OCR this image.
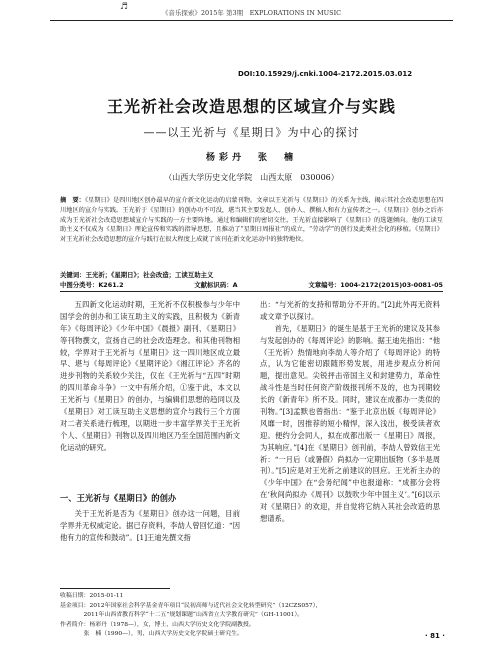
♬
《音乐探索》2015年 第3期　EXPLORATIONS IN MUSIC
DOI:10.15929/j.cnki.1004-2172.2015.03.012
王光祈社会改造思想的区域宣介与实践
——以王光祈与《星期日》为中心的探讨
杨彩丹　张　楠
（山西大学历史文化学院　山西太原　030006）
摘　要：《星期日》是四川地区创办最早的宣介新文化运动的启蒙刊物。文章以王光祈与《星期日》的关系为主线，揭示其社会改造思想在四川地区的宣介与实践。王光祈于《星期日》的创办功不可没，堪当其主要发起人、创办人、撰稿人和有力宣传者之一。《星期日》创办之后亦成为王光祈社会改造思想域宣介与实践的一方主要阵地。通过和编辑们的密切交往，王光祈直接影响了《星期日》的选题倾向。他的工读互助主义不仅成为《星期日》理论宣传和实践的指导思想，且推动了“星期日周报社”的成立，“劳动学”的创行及此类社会化的移植。《星期日》对王光祈社会改造思想的宣介与践行在很大程度上成就了该刊在新文化运动中的独特地位。
关键词：王光祈；《星期日》；社会改造；工读互助主义
中图分类号：K261.2	文献标识码：A	文章编号：1004-2172(2015)03-0081-05

五四新文化运动时期，王光祈不仅积极参与少年中国学会的创办和工读互助主义的实践，且积极为《新青年》《每周评论》《少年中国》《晨报》副刊、《星期日》等刊物撰文，宣扬自己的社会改造理念。和其他刊物相较，学界对于王光祈与《星期日》这一四川地区成立最早、堪与《每周评论》《星期评论》《湘江评论》齐名的进步刊物的关系较少关注，仅在《王光祈与“五四”时期的四川革命斗争》一文中有所介绍，①鉴于此，本文以王光祈与《星期日》的创办，与编辑们思想的趋同以及《星期日》对工读互助主义思想的宣介与践行三个方面对二者关系进行梳理，以期进一步丰富学界关于王光祈个人、《星期日》刊物以及四川地区乃至全国范围内新文化运动的研究。

一、王光祈与《星期日》的创办

关于王光祈是否为《星期日》创办这一问题，目前学界并无权威定论。据已存资料，李劼人曾回忆道：“因他有力的宣传和鼓动”。[1]王迪先撰文指

出：“与光祈的支持和帮助分不开的。”[2]此外再无资料或文章予以探讨。

首先，《星期日》的诞生是基于王光祈的建议及其参与发起创办的《每周评论》的影响。据王迪先指出：“他（王光祈）热情地向李劼人等介绍了《每周评论》的特点，认为它能密切跟随形势发展，用进步观点分析问题，提出意见。尖锐抨击帝国主义和封建势力，革命性战斗性是当时任何资产阶级报刊所不及的，也为刊期较长的《新青年》所不及。同时，建议在成都办一类似的刊物。”[3]孟默也曾指出：“鉴于北京出版《每周评论》风靡一时，因推荐的短小精悍，深入浅出，极受读者欢迎。便约分会同人，拟在成都出版一《星期日》周报，为其响应。”[4]在《星期日》创刊前，李劼人曾致信王光祈：“一月后（或暑假）尚拟办一定期出版物（多半是周刊）。”[5]应是对王光祈之前建议的回应。王光祈主办的《少年中国》在“会务纪闻”中也报道称：“成都分会将在‘秋间尚拟办《周刊》以鼓吹少年中国主义’。”[6]以示对《星期日》的欢迎，并自觉将它纳入其社会改造的思想谱系。

收稿日期：2015-01-11
基金项目：2012年国家社会科学基金青年项目“民初高师与近代社会文化转型研究”（12CZS057），
　　　　2011年山西省教育科学“十二五”规划课题“山西省立大学教育研究”（GH-11001）。
作者简介：杨彩丹（1978—），女，博士，山西大学历史文化学院副教授。
　　　　张　楠（1990—），男，山西大学历史文化学院硕士研究生。	· 81 ·
